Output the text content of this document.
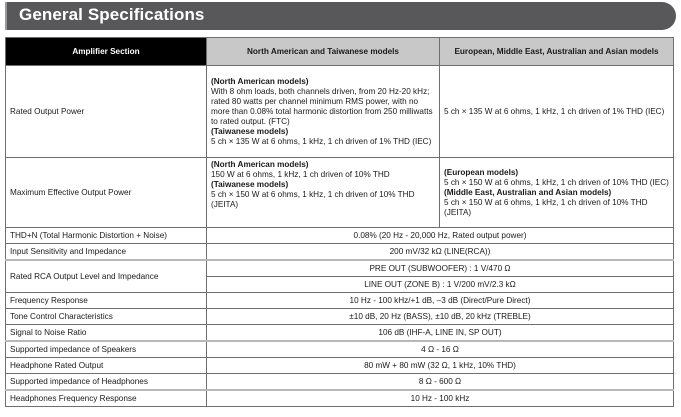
General Specifications
Amplifier Section	North American and Taiwanese models	European, Middle East, Australian and Asian models
Rated Output Power	(North American models)
With 8 ohm loads, both channels driven, from 20 Hz-20 kHz; rated 80 watts per channel minimum RMS power, with no more than 0.08% total harmonic distortion from 250 milliwatts to rated output. (FTC)
(Taiwanese models)
5 ch × 135 W at 6 ohms, 1 kHz, 1 ch driven of 1% THD (IEC)	5 ch × 135 W at 6 ohms, 1 kHz, 1 ch driven of 1% THD (IEC)
Maximum Effective Output Power	(North American models)
150 W at 6 ohms, 1 kHz, 1 ch driven of 10% THD
(Taiwanese models)
5 ch × 150 W at 6 ohms, 1 kHz, 1 ch driven of 10% THD (JEITA)	(European models)
5 ch × 150 W at 6 ohms, 1 kHz, 1 ch driven of 10% THD (IEC)
(Middle East, Australian and Asian models)
5 ch × 150 W at 6 ohms, 1 kHz, 1 ch driven of 10% THD (JEITA)

THD+N (Total Harmonic Distortion + Noise)	0.08% (20 Hz - 20,000 Hz, Rated output power)	
Input Sensitivity and Impedance	200 mV/32 kΩ (LINE(RCA))	
Rated RCA Output Level and Impedance	PRE OUT (SUBWOOFER) : 1 V/470 Ω	
	LINE OUT (ZONE B) : 1 V/200 mV/2.3 kΩ	
Frequency Response	10 Hz - 100 kHz/+1 dB, –3 dB (Direct/Pure Direct)	
Tone Control Characteristics	±10 dB, 20 Hz (BASS), ±10 dB, 20 kHz (TREBLE)	
Signal to Noise Ratio	106 dB (IHF-A, LINE IN, SP OUT)	
Supported impedance of Speakers	4 Ω - 16 Ω	
Headphone Rated Output	80 mW + 80 mW (32 Ω, 1 kHz, 10% THD)	
Supported impedance of Headphones	8 Ω - 600 Ω	
Headphones Frequency Response	10 Hz - 100 kHz	
